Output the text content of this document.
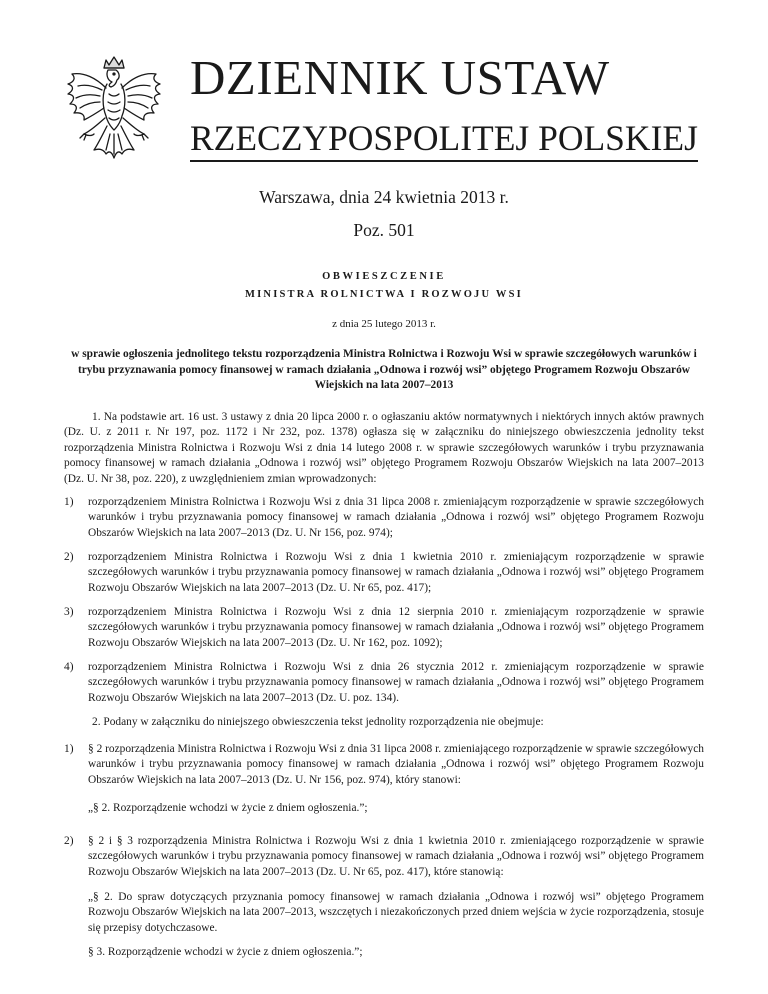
DZIENNIK USTAW
RZECZYPOSPOLITEJ POLSKIEJ
Warszawa, dnia 24 kwietnia 2013 r.
Poz. 501
OBWIESZCZENIE
MINISTRA ROLNICTWA I ROZWOJU WSI
z dnia 25 lutego 2013 r.
w sprawie ogłoszenia jednolitego tekstu rozporządzenia Ministra Rolnictwa i Rozwoju Wsi w sprawie szczegółowych warunków i trybu przyznawania pomocy finansowej w ramach działania „Odnowa i rozwój wsi” objętego Programem Rozwoju Obszarów Wiejskich na lata 2007–2013
1. Na podstawie art. 16 ust. 3 ustawy z dnia 20 lipca 2000 r. o ogłaszaniu aktów normatywnych i niektórych innych aktów prawnych (Dz. U. z 2011 r. Nr 197, poz. 1172 i Nr 232, poz. 1378) ogłasza się w załączniku do niniejszego obwieszczenia jednolity tekst rozporządzenia Ministra Rolnictwa i Rozwoju Wsi z dnia 14 lutego 2008 r. w sprawie szczegółowych warunków i trybu przyznawania pomocy finansowej w ramach działania „Odnowa i rozwój wsi” objętego Programem Rozwoju Obszarów Wiejskich na lata 2007–2013 (Dz. U. Nr 38, poz. 220), z uwzględnieniem zmian wprowadzonych:
1) rozporządzeniem Ministra Rolnictwa i Rozwoju Wsi z dnia 31 lipca 2008 r. zmieniającym rozporządzenie w sprawie szczegółowych warunków i trybu przyznawania pomocy finansowej w ramach działania „Odnowa i rozwój wsi” objętego Programem Rozwoju Obszarów Wiejskich na lata 2007–2013 (Dz. U. Nr 156, poz. 974);
2) rozporządzeniem Ministra Rolnictwa i Rozwoju Wsi z dnia 1 kwietnia 2010 r. zmieniającym rozporządzenie w sprawie szczegółowych warunków i trybu przyznawania pomocy finansowej w ramach działania „Odnowa i rozwój wsi” objętego Programem Rozwoju Obszarów Wiejskich na lata 2007–2013 (Dz. U. Nr 65, poz. 417);
3) rozporządzeniem Ministra Rolnictwa i Rozwoju Wsi z dnia 12 sierpnia 2010 r. zmieniającym rozporządzenie w sprawie szczegółowych warunków i trybu przyznawania pomocy finansowej w ramach działania „Odnowa i rozwój wsi” objętego Programem Rozwoju Obszarów Wiejskich na lata 2007–2013 (Dz. U. Nr 162, poz. 1092);
4) rozporządzeniem Ministra Rolnictwa i Rozwoju Wsi z dnia 26 stycznia 2012 r. zmieniającym rozporządzenie w sprawie szczegółowych warunków i trybu przyznawania pomocy finansowej w ramach działania „Odnowa i rozwój wsi” objętego Programem Rozwoju Obszarów Wiejskich na lata 2007–2013 (Dz. U. poz. 134).
2. Podany w załączniku do niniejszego obwieszczenia tekst jednolity rozporządzenia nie obejmuje:
1) § 2 rozporządzenia Ministra Rolnictwa i Rozwoju Wsi z dnia 31 lipca 2008 r. zmieniającego rozporządzenie w sprawie szczegółowych warunków i trybu przyznawania pomocy finansowej w ramach działania „Odnowa i rozwój wsi” objętego Programem Rozwoju Obszarów Wiejskich na lata 2007–2013 (Dz. U. Nr 156, poz. 974), który stanowi:
„§ 2. Rozporządzenie wchodzi w życie z dniem ogłoszenia.”;
2) § 2 i § 3 rozporządzenia Ministra Rolnictwa i Rozwoju Wsi z dnia 1 kwietnia 2010 r. zmieniającego rozporządzenie w sprawie szczegółowych warunków i trybu przyznawania pomocy finansowej w ramach działania „Odnowa i rozwój wsi” objętego Programem Rozwoju Obszarów Wiejskich na lata 2007–2013 (Dz. U. Nr 65, poz. 417), które stanowią:
„§ 2. Do spraw dotyczących przyznania pomocy finansowej w ramach działania „Odnowa i rozwój wsi” objętego Programem Rozwoju Obszarów Wiejskich na lata 2007–2013, wszczętych i niezakończonych przed dniem wejścia w życie rozporządzenia, stosuje się przepisy dotychczasowe.
§ 3. Rozporządzenie wchodzi w życie z dniem ogłoszenia.”;
